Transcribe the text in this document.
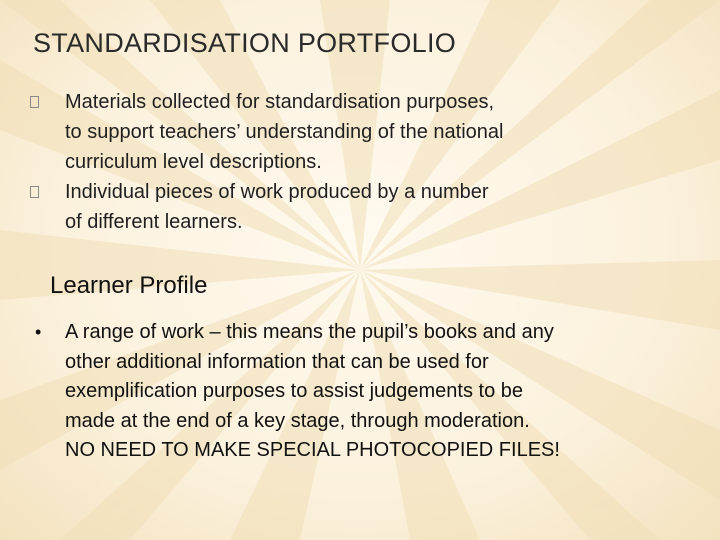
STANDARDISATION PORTFOLIO
Materials collected for standardisation purposes,
to support teachers’ understanding of the national
curriculum level descriptions.
Individual pieces of work produced by a number
of different learners.
Learner Profile
• A range of work – this means the pupil’s books and any
other additional information that can be used for
exemplification purposes to assist judgements to be
made at the end of a key stage, through moderation.
NO NEED TO MAKE SPECIAL PHOTOCOPIED FILES!
